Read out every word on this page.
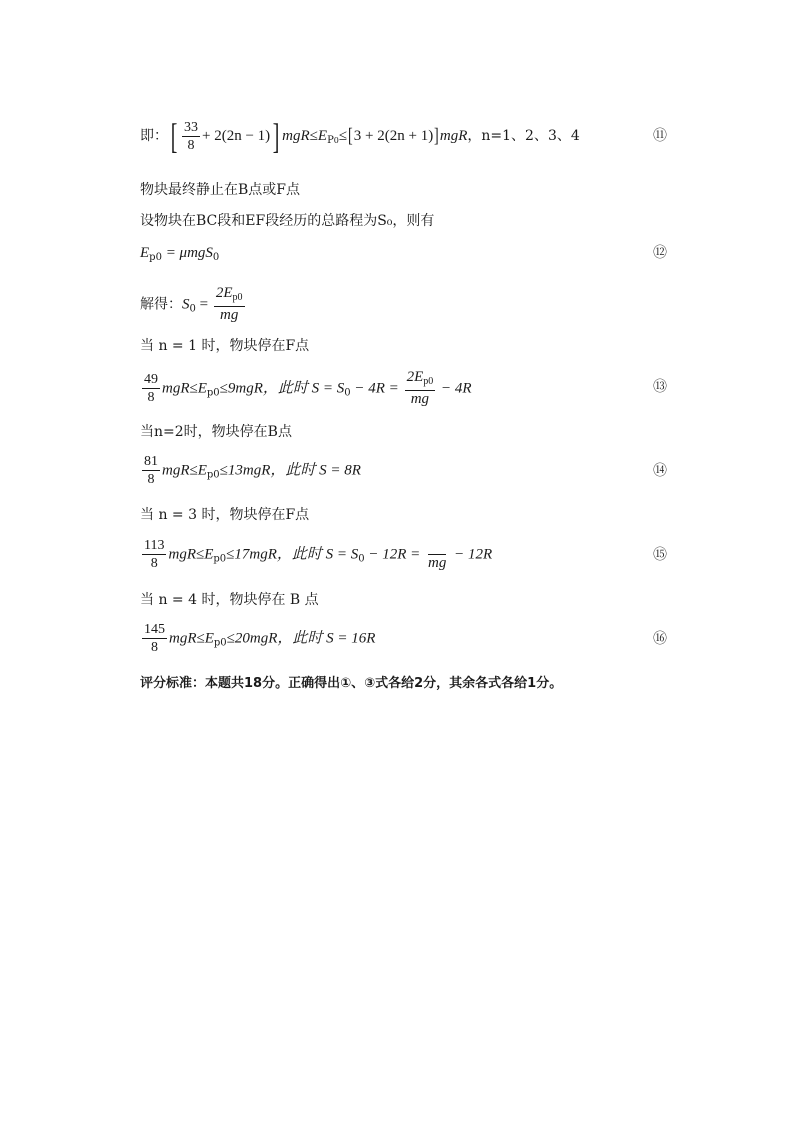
即：[ $\frac{33}{8} + 2(2n - 1)$] $mgR\le E_{P0}\le[3 + 2(2n + 1)]mgR$，n=1、2、3、4	⑪
物块最终静止在B点或F点
设物块在BC段和EF段经历的总路程为S₀，则有
$E_{p0} = \mu mgS_0$	⑫
解得：$S_0 = \frac{2E_{p0}}{mg}$
当 n = 1 时，物块停在F点
$\frac{49}{8} mgR\le E_{p0}\le 9mgR$，此时 $S = S_0 - 4R = \frac{2E_{p0}}{mg} - 4R$	⑬
当n=2时，物块停在B点
$\frac{81}{8} mgR\le E_{p0}\le 13mgR$，此时 S = 8R	⑭
当 n = 3 时，物块停在F点
$\frac{113}{8} mgR\le E_{p0}\le 17mgR$，此时 $S = S_0 - 12R$ =

mg
− 12R	⑮
当 n = 4 时，物块停在 B 点
$\frac{145}{8} mgR\le E_{p0}\le 20mgR$，此时 S = 16R	⑯
评分标准：本题共18分。正确得出①、③式各给2分，其余各式各给1分。
